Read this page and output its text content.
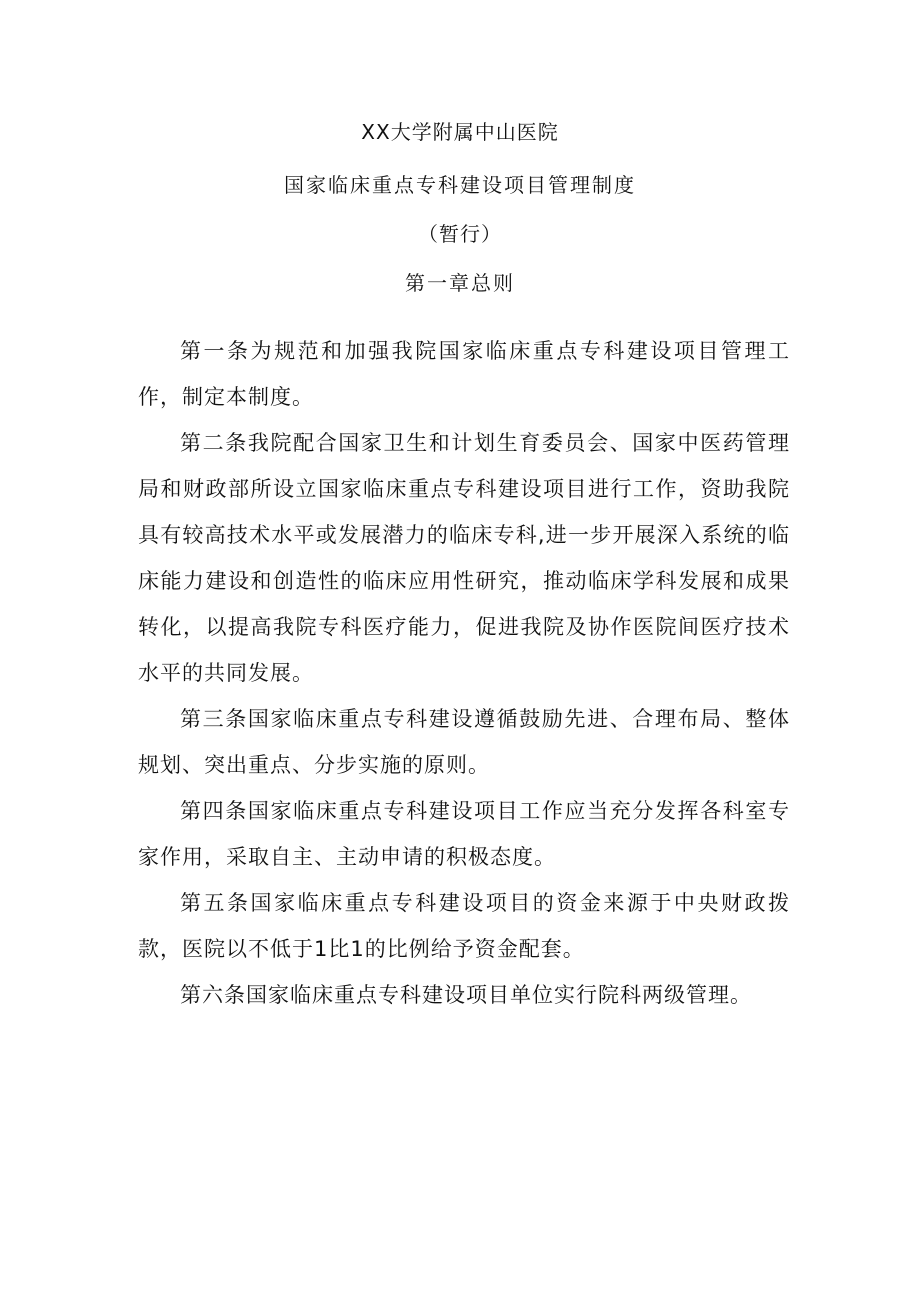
XX大学附属中山医院
国家临床重点专科建设项目管理制度
（暂行）
第一章总则

第一条为规范和加强我院国家临床重点专科建设项目管理工作，制定本制度。

第二条我院配合国家卫生和计划生育委员会、国家中医药管理局和财政部所设立国家临床重点专科建设项目进行工作，资助我院具有较高技术水平或发展潜力的临床专科,进一步开展深入系统的临床能力建设和创造性的临床应用性研究，推动临床学科发展和成果转化，以提高我院专科医疗能力，促进我院及协作医院间医疗技术水平的共同发展。

第三条国家临床重点专科建设遵循鼓励先进、合理布局、整体规划、突出重点、分步实施的原则。

第四条国家临床重点专科建设项目工作应当充分发挥各科室专家作用，采取自主、主动申请的积极态度。

第五条国家临床重点专科建设项目的资金来源于中央财政拨款，医院以不低于1比1的比例给予资金配套。

第六条国家临床重点专科建设项目单位实行院科两级管理。
